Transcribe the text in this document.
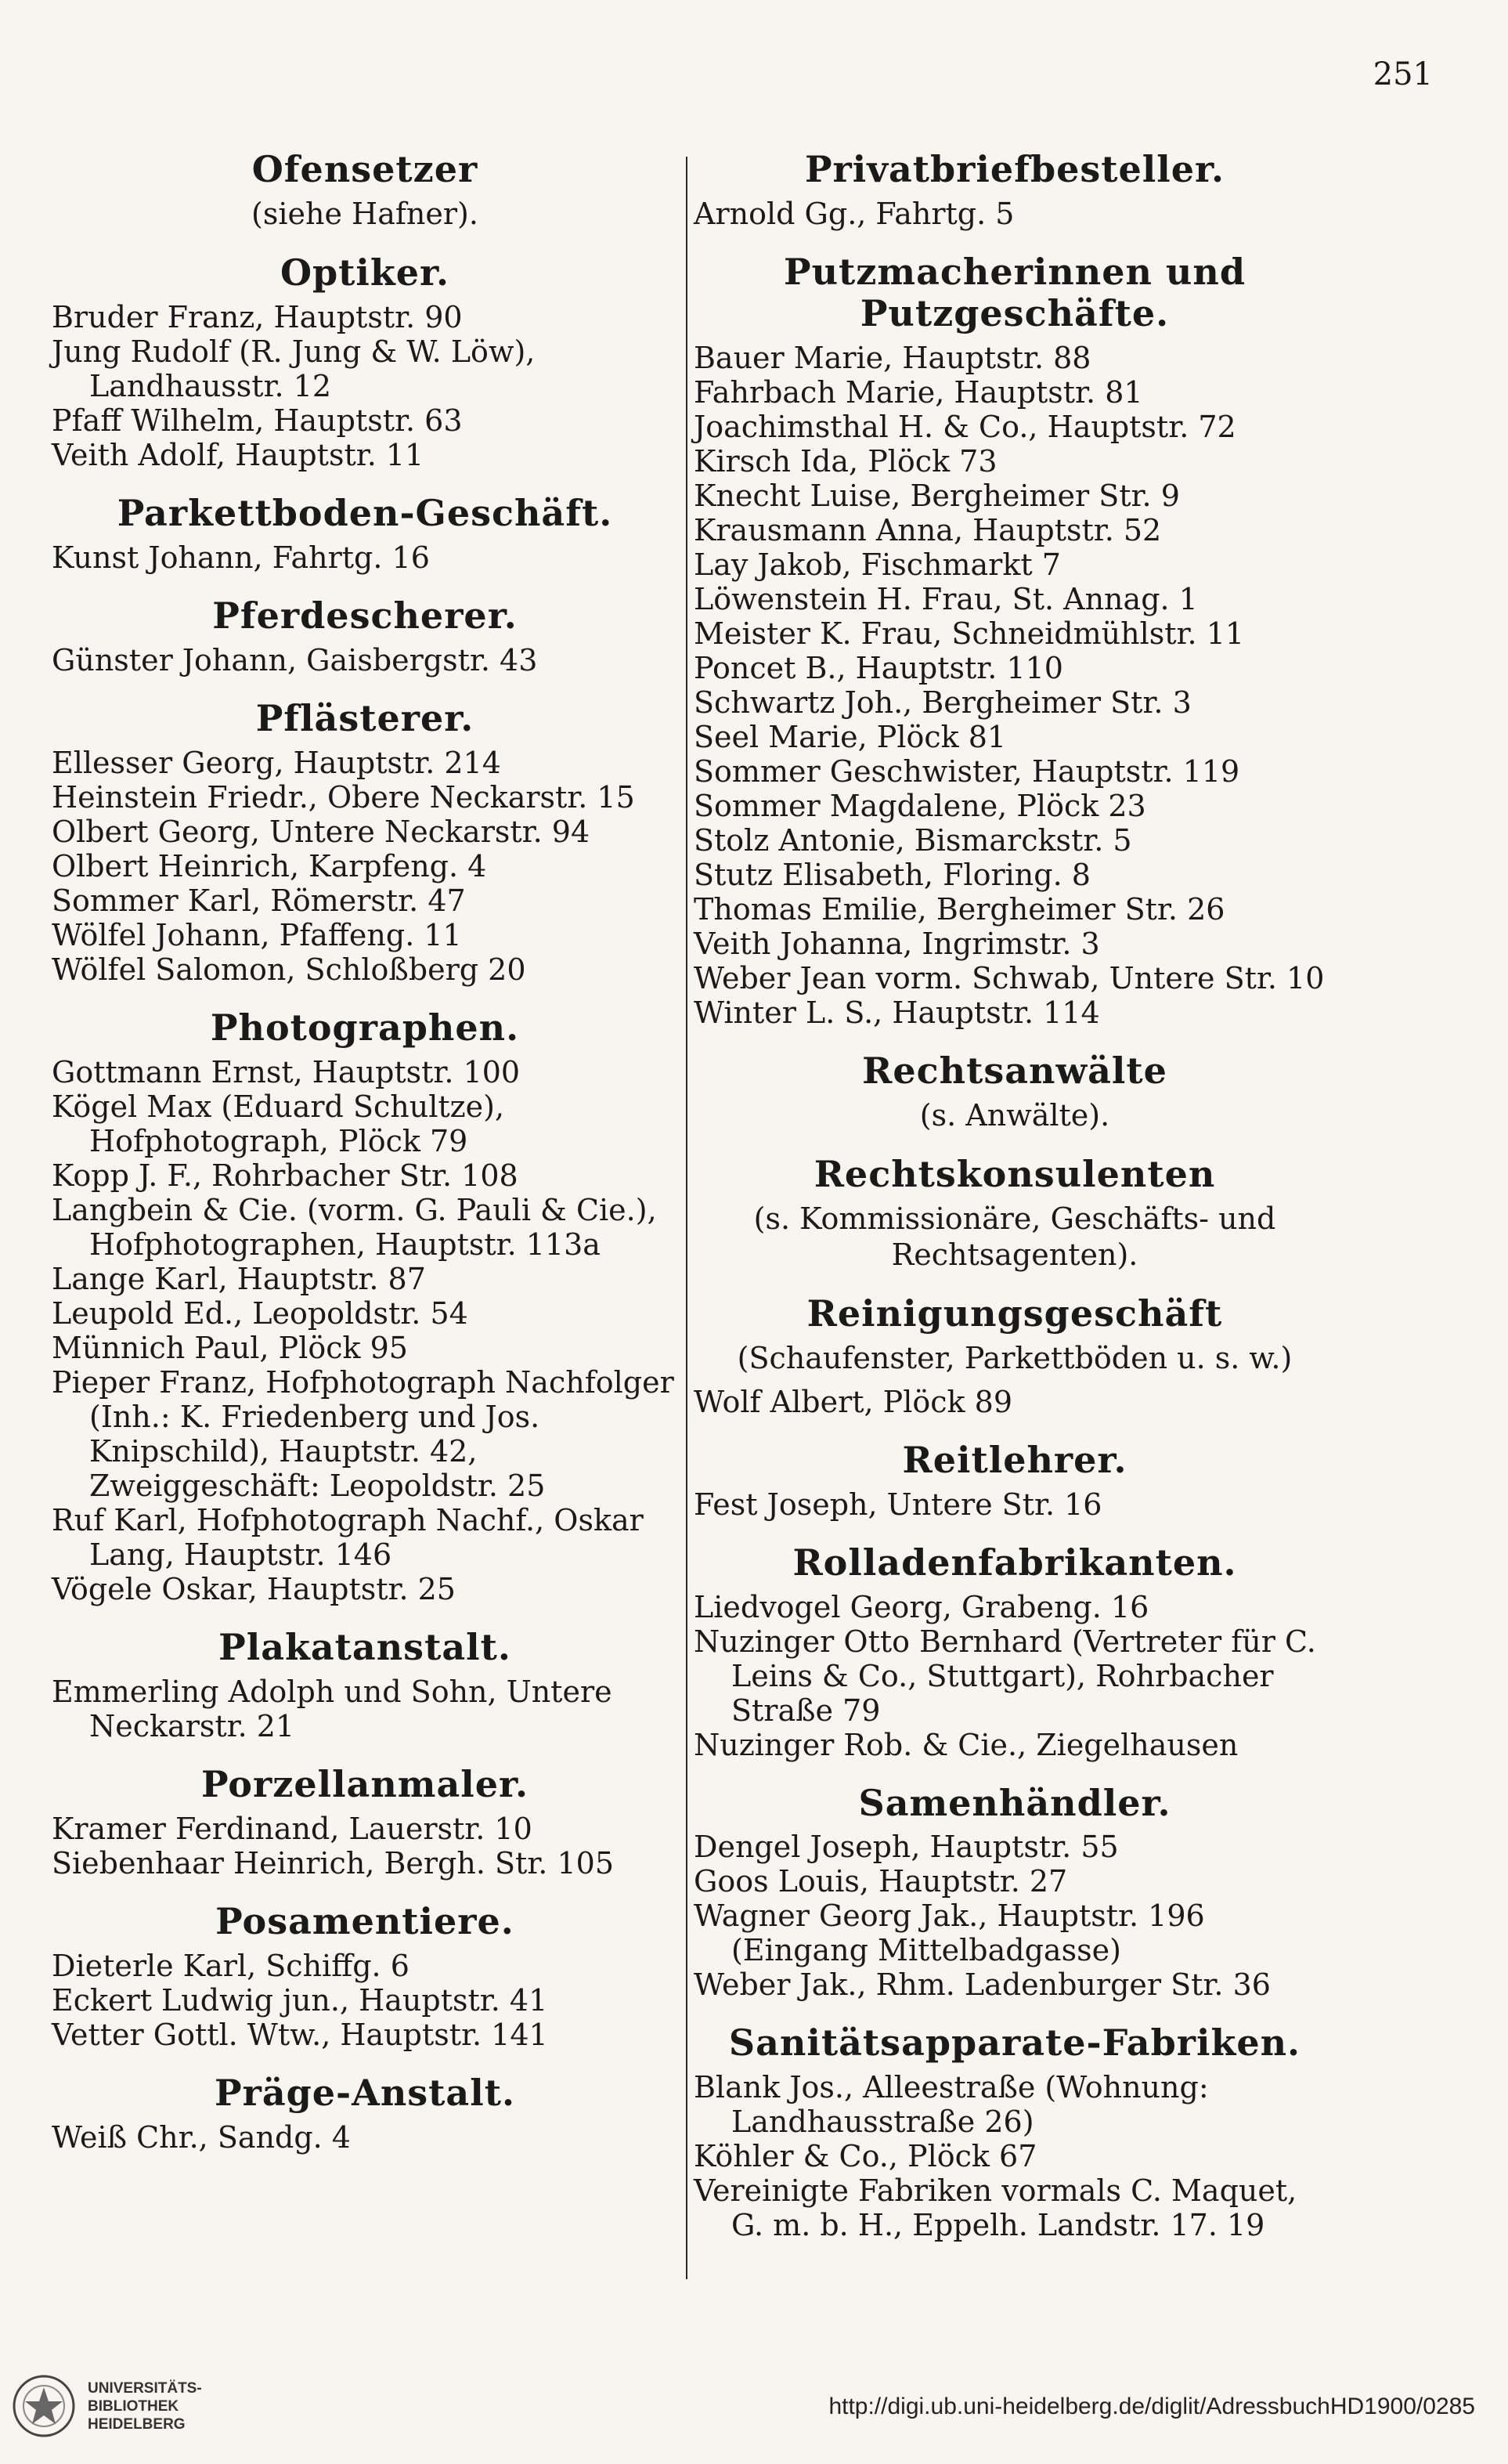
251
Ofensetzer
(siehe Hafner).
Optiker.
Bruder Franz, Hauptstr. 90
Jung Rudolf (R. Jung & W. Löw), Landhausstr. 12
Pfaff Wilhelm, Hauptstr. 63
Veith Adolf, Hauptstr. 11
Parkettboden-Geschäft.
Kunst Johann, Fahrtg. 16
Pferdescherer.
Günster Johann, Gaisbergstr. 43
Pflästerer.
Ellesser Georg, Hauptstr. 214
Heinstein Friedr., Obere Neckarstr. 15
Olbert Georg, Untere Neckarstr. 94
Olbert Heinrich, Karpfeng. 4
Sommer Karl, Römerstr. 47
Wölfel Johann, Pfaffeng. 11
Wölfel Salomon, Schloßberg 20
Photographen.
Gottmann Ernst, Hauptstr. 100
Kögel Max (Eduard Schultze), Hofphotograph, Plöck 79
Kopp J. F., Rohrbacher Str. 108
Langbein & Cie. (vorm. G. Pauli & Cie.), Hofphotographen, Hauptstr. 113a
Lange Karl, Hauptstr. 87
Leupold Ed., Leopoldstr. 54
Münnich Paul, Plöck 95
Pieper Franz, Hofphotograph Nachfolger (Inh.: K. Friedenberg und Jos. Knipschild), Hauptstr. 42, Zweiggeschäft: Leopoldstr. 25
Ruf Karl, Hofphotograph Nachf., Oskar Lang, Hauptstr. 146
Vögele Oskar, Hauptstr. 25
Plakatanstalt.
Emmerling Adolph und Sohn, Untere Neckarstr. 21
Porzellanmaler.
Kramer Ferdinand, Lauerstr. 10
Siebenhaar Heinrich, Bergh. Str. 105
Posamentiere.
Dieterle Karl, Schiffg. 6
Eckert Ludwig jun., Hauptstr. 41
Vetter Gottl. Wtw., Hauptstr. 141
Präge-Anstalt.
Weiß Chr., Sandg. 4
Privatbriefbesteller.
Arnold Gg., Fahrtg. 5
Putzmacherinnen und Putzgeschäfte.
Bauer Marie, Hauptstr. 88
Fahrbach Marie, Hauptstr. 81
Joachimsthal H. & Co., Hauptstr. 72
Kirsch Ida, Plöck 73
Knecht Luise, Bergheimer Str. 9
Krausmann Anna, Hauptstr. 52
Lay Jakob, Fischmarkt 7
Löwenstein H. Frau, St. Annag. 1
Meister K. Frau, Schneidmühlstr. 11
Poncet B., Hauptstr. 110
Schwartz Joh., Bergheimer Str. 3
Seel Marie, Plöck 81
Sommer Geschwister, Hauptstr. 119
Sommer Magdalene, Plöck 23
Stolz Antonie, Bismarckstr. 5
Stutz Elisabeth, Floring. 8
Thomas Emilie, Bergheimer Str. 26
Veith Johanna, Ingrimstr. 3
Weber Jean vorm. Schwab, Untere Str. 10
Winter L. S., Hauptstr. 114
Rechtsanwälte
(s. Anwälte).
Rechtskonsulenten
(s. Kommissionäre, Geschäfts- und Rechtsagenten).
Reinigungsgeschäft
(Schaufenster, Parkettböden u. s. w.)
Wolf Albert, Plöck 89
Reitlehrer.
Fest Joseph, Untere Str. 16
Rolladenfabrikanten.
Liedvogel Georg, Grabeng. 16
Nuzinger Otto Bernhard (Vertreter für C. Leins & Co., Stuttgart), Rohrbacher Straße 79
Nuzinger Rob. & Cie., Ziegelhausen
Samenhändler.
Dengel Joseph, Hauptstr. 55
Goos Louis, Hauptstr. 27
Wagner Georg Jak., Hauptstr. 196 (Eingang Mittelbadgasse)
Weber Jak., Rhm. Ladenburger Str. 36
Sanitätsapparate-Fabriken.
Blank Jos., Alleestraße (Wohnung: Landhausstraße 26)
Köhler & Co., Plöck 67
Vereinigte Fabriken vormals C. Maquet, G. m. b. H., Eppelh. Landstr. 17. 19
UNIVERSITÄTS-
BIBLIOTHEK
HEIDELBERG
http://digi.ub.uni-heidelberg.de/diglit/AdressbuchHD1900/0285
